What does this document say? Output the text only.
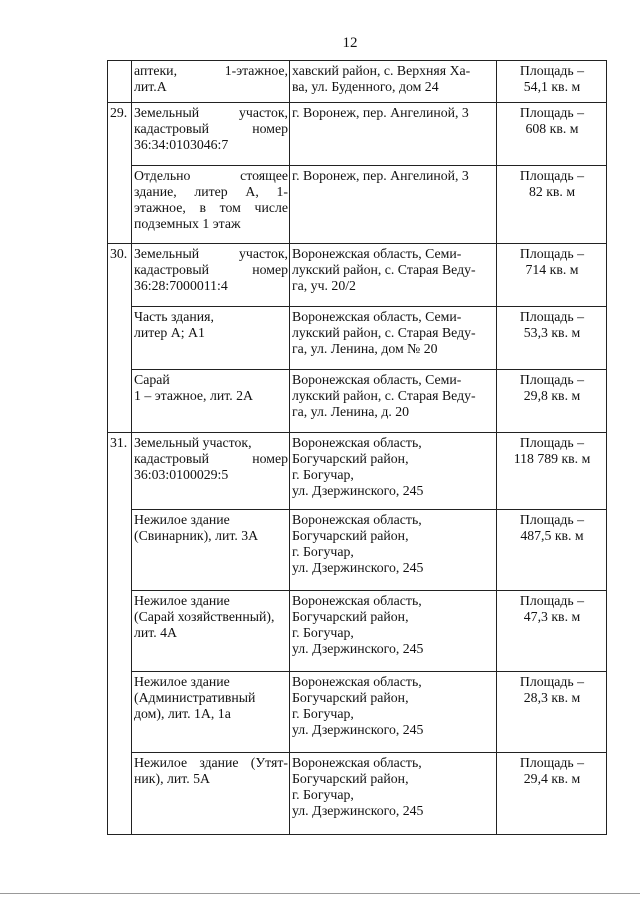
12

	аптеки, 1-этажное,
лит.А	хавский район, с. Верхняя Ха-
ва, ул. Буденного, дом 24	Площадь –
54,1 кв. м

29.	Земельный участок,
кадастровый номер
36:34:0103046:7	г. Воронеж, пер. Ангелиной, 3	Площадь –
608 кв. м

	Отдельно стоящее
здание, литер А, 1-
этажное, в том числе
подземных 1 этаж	г. Воронеж, пер. Ангелиной, 3	Площадь –
82 кв. м

30.	Земельный участок,
кадастровый номер
36:28:7000011:4	Воронежская область, Семи-
лукский район, с. Старая Веду-
га, уч. 20/2	Площадь –
714 кв. м

	Часть здания,
литер А; А1	Воронежская область, Семи-
лукский район, с. Старая Веду-
га, ул. Ленина, дом № 20	Площадь –
53,3 кв. м

	Сарай
1 – этажное, лит. 2А	Воронежская область, Семи-
лукский район, с. Старая Веду-
га, ул. Ленина, д. 20	Площадь –
29,8 кв. м

31.	Земельный участок,
кадастровый номер
36:03:0100029:5	Воронежская область,
Богучарский район,
г. Богучар,
ул. Дзержинского, 245	Площадь –
118 789 кв. м

	Нежилое здание
(Свинарник), лит. 3А	Воронежская область,
Богучарский район,
г. Богучар,
ул. Дзержинского, 245	Площадь –
487,5 кв. м

	Нежилое здание
(Сарай хозяйственный),
лит. 4А	Воронежская область,
Богучарский район,
г. Богучар,
ул. Дзержинского, 245	Площадь –
47,3 кв. м

	Нежилое здание
(Административный
дом), лит. 1А, 1а	Воронежская область,
Богучарский район,
г. Богучар,
ул. Дзержинского, 245	Площадь –
28,3 кв. м

	Нежилое здание (Утят-
ник), лит. 5А	Воронежская область,
Богучарский район,
г. Богучар,
ул. Дзержинского, 245	Площадь –
29,4 кв. м
